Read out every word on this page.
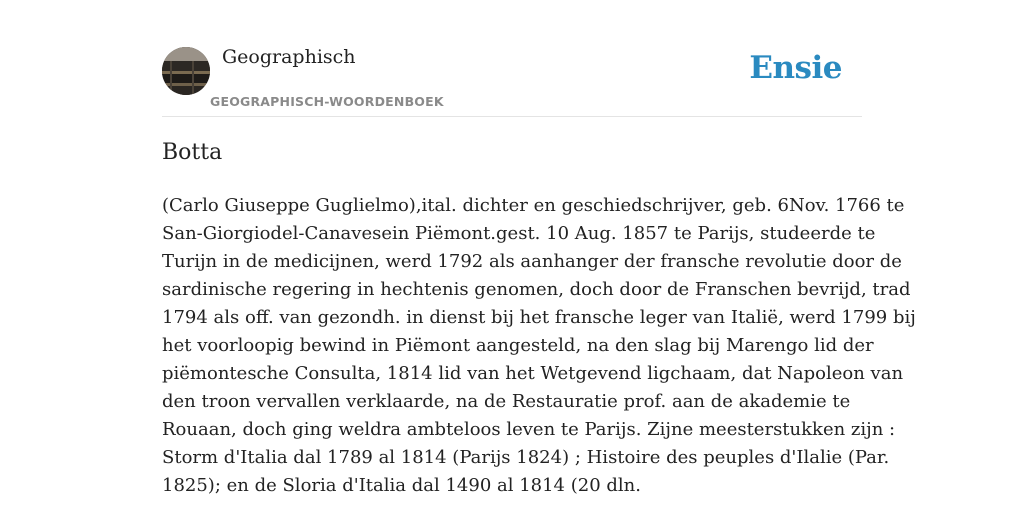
Geographisch
GEOGRAPHISCH-WOORDENBOEK
Ensie
Botta
(Carlo Giuseppe Guglielmo),ital. dichter en geschiedschrijver, geb. 6Nov. 1766 te
San-Giorgiodel-Canavesein Piëmont.gest. 10 Aug. 1857 te Parijs, studeerde te
Turijn in de medicijnen, werd 1792 als aanhanger der fransche revolutie door de
sardinische regering in hechtenis genomen, doch door de Franschen bevrijd, trad
1794 als off. van gezondh. in dienst bij het fransche leger van Italië, werd 1799 bij
het voorloopig bewind in Piëmont aangesteld, na den slag bij Marengo lid der
piëmontesche Consulta, 1814 lid van het Wetgevend ligchaam, dat Napoleon van
den troon vervallen verklaarde, na de Restauratie prof. aan de akademie te
Rouaan, doch ging weldra ambteloos leven te Parijs. Zijne meesterstukken zijn :
Storm d'Italia dal 1789 al 1814 (Parijs 1824) ; Histoire des peuples d'Ilalie (Par.
1825); en de Sloria d'Italia dal 1490 al 1814 (20 dln.
